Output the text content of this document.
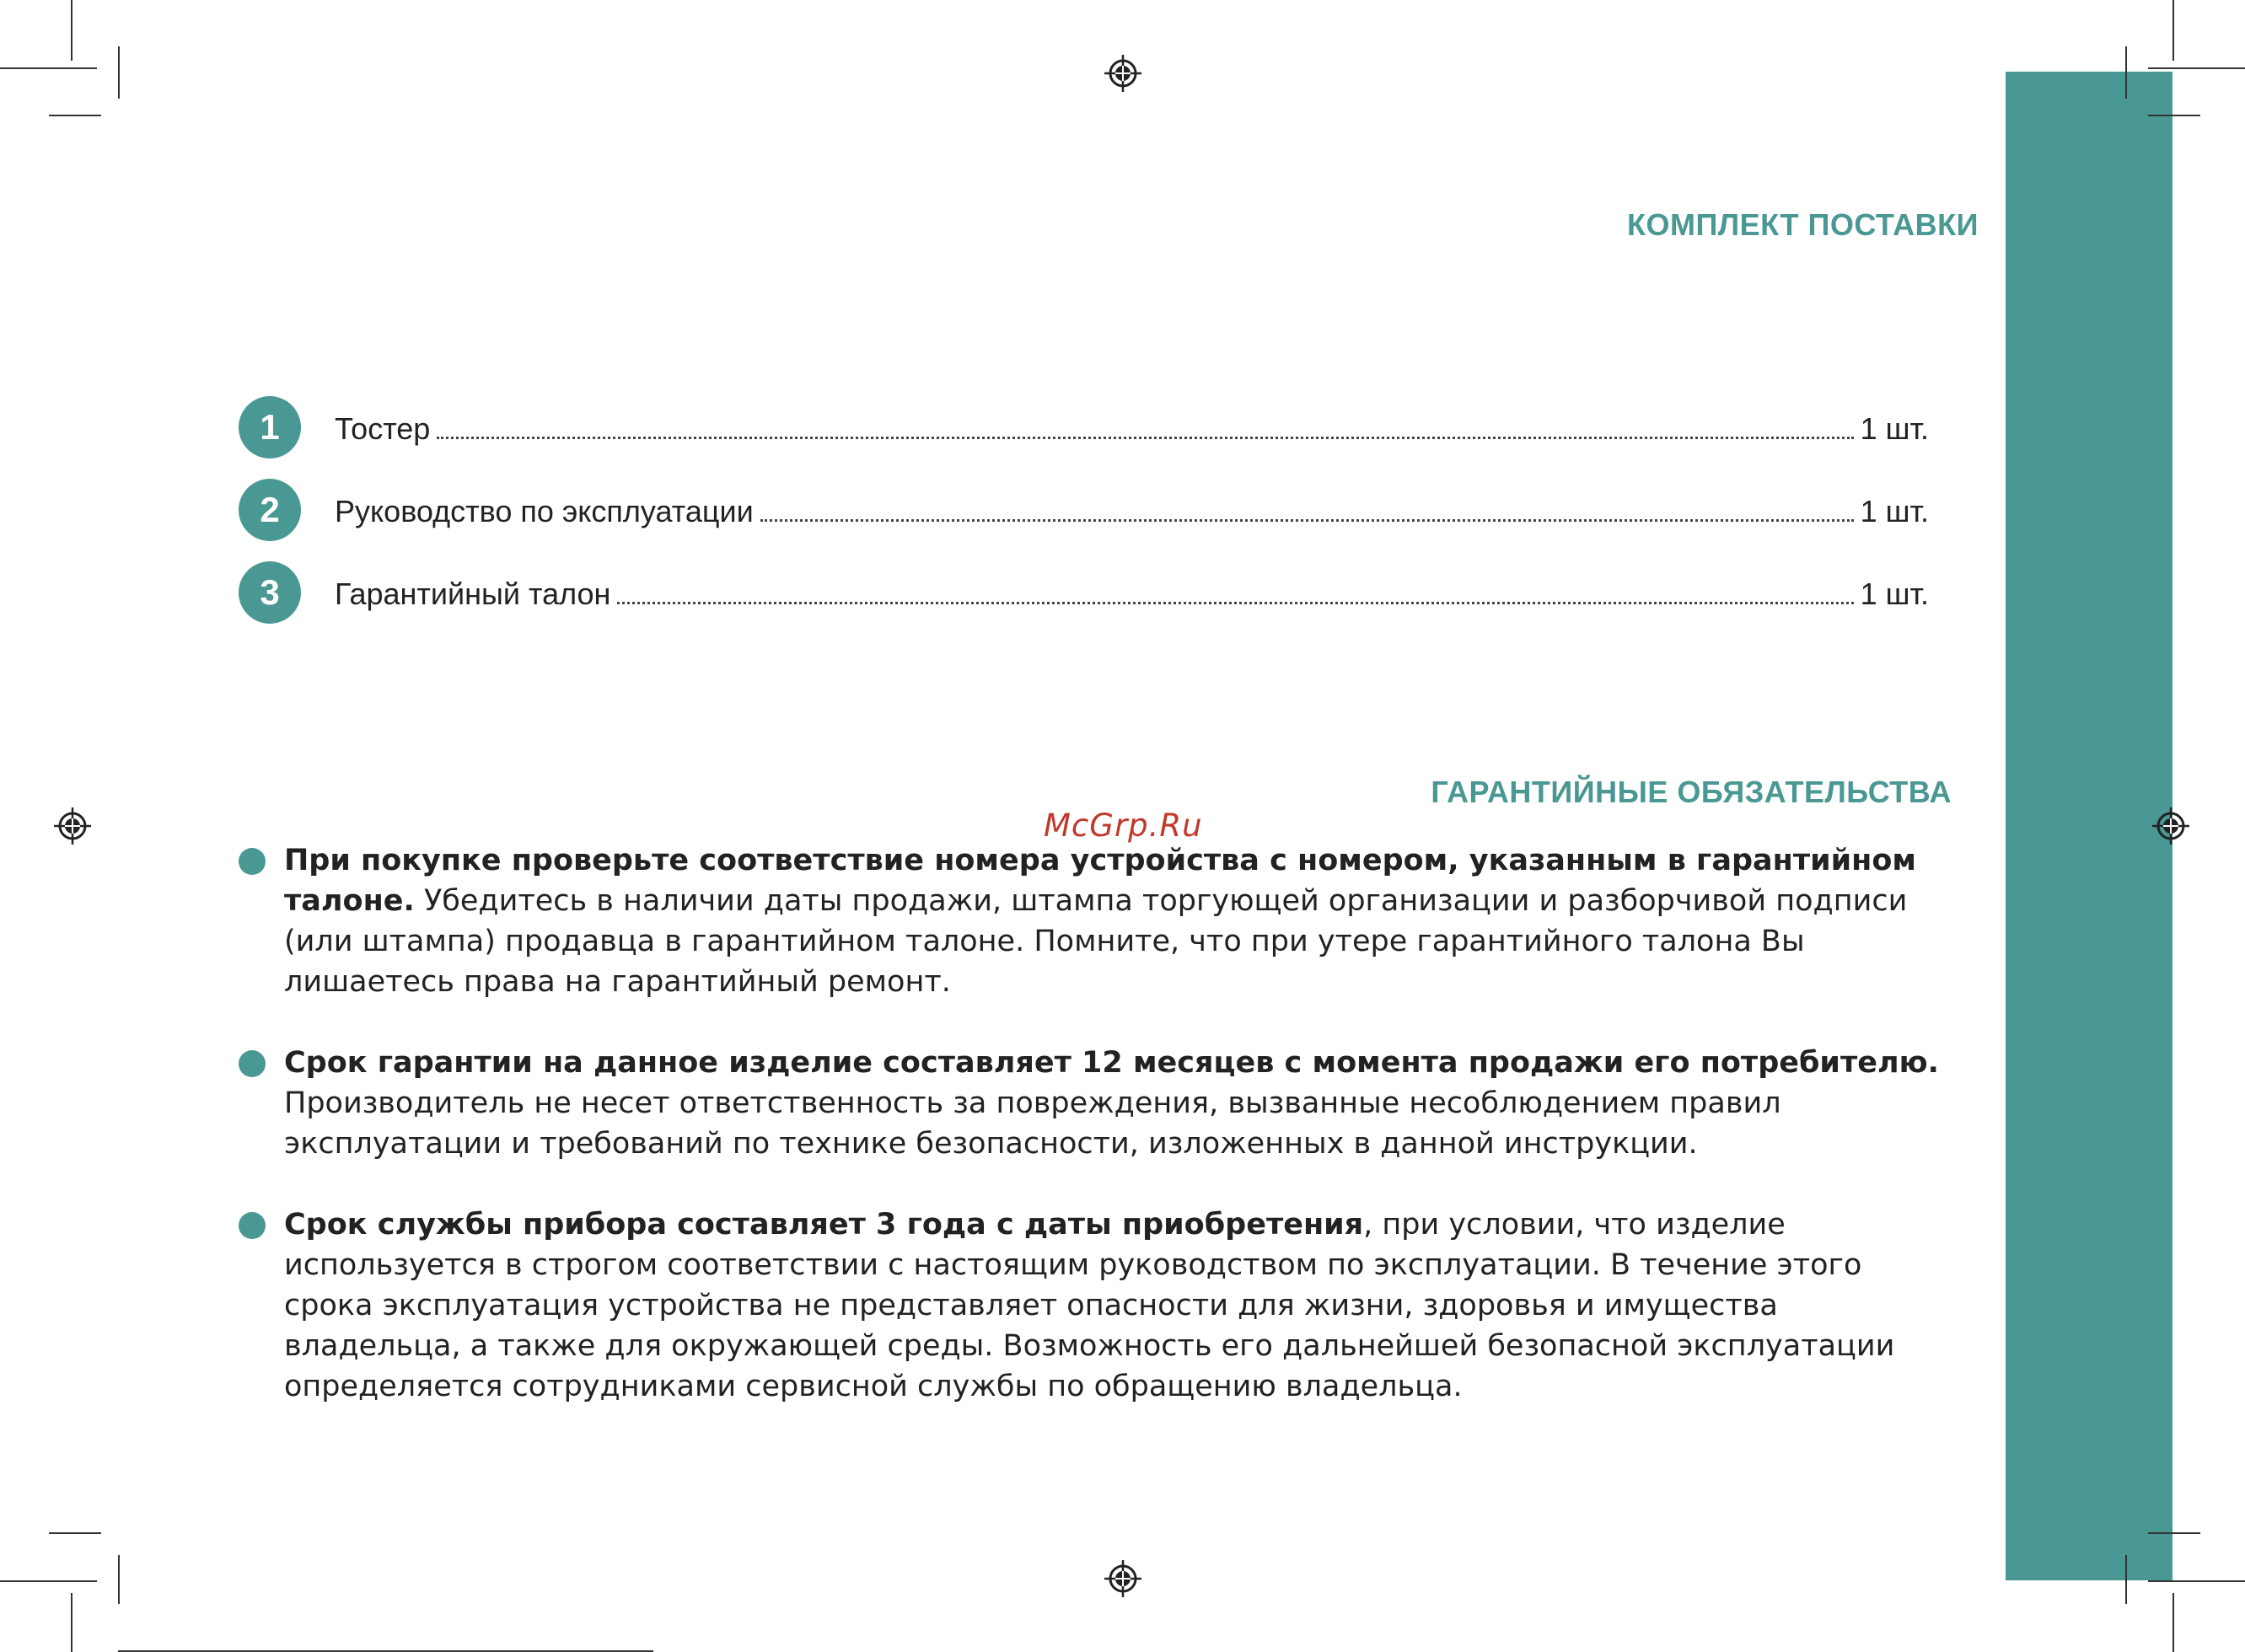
КОМПЛЕКТ ПОСТАВКИ
1	Тостер	1 шт.
2	Руководство по эксплуатации	1 шт.
3	Гарантийный талон	1 шт.
ГАРАНТИЙНЫЕ ОБЯЗАТЕЛЬСТВА
McGrp.Ru
При покупке проверьте соответствие номера устройства с номером, указанным в гарантийном талоне. Убедитесь в наличии даты продажи, штампа торгующей организации и разборчивой подписи (или штампа) продавца в гарантийном талоне. Помните, что при утере гарантийного талона Вы лишаетесь права на гарантийный ремонт.
Срок гарантии на данное изделие составляет 12 месяцев с момента продажи его потребителю. Производитель не несет ответственность за повреждения, вызванные несоблюдением правил эксплуатации и требований по технике безопасности, изложенных в данной инструкции.
Срок службы прибора составляет 3 года с даты приобретения, при условии, что изделие используется в строгом соответствии с настоящим руководством по эксплуатации. В течение этого срока эксплуатация устройства не представляет опасности для жизни, здоровья и имущества владельца, а также для окружающей среды. Возможность его дальнейшей безопасной эксплуатации определяется сотрудниками сервисной службы по обращению владельца.
